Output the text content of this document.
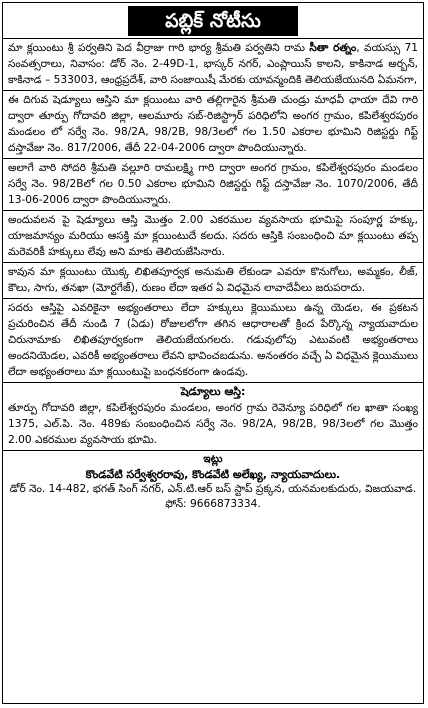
పబ్లిక్ నోటీసు
మా క్లయింటు శ్రీ పర్వతిని పెద వీర్రాజు గారి భార్య శ్రీమతి పర్వతిని రామ సీతా రత్నం, వయస్సు 71 సంవత్సరాలు, నివాసం: డోర్ నెం. 2-49D-1, భాస్కర్ నగర్, ఎంప్లాయిస్ కాలని, కాకినాడ అర్బన్, కాకినాడ – 533003, ఆంధ్రప్రదేశ్, వారి సంజాయిషీ మేరకు యావన్మందికి తెలియజేయునది ఏమనగా,
ఈ దిగువ షెడ్యూలు ఆస్తిని మా క్లయింటు వారి తల్లిగారైన శ్రీమతి చుండ్రు మాధవీ ఛాయా దేవి గారి ద్వారా తూర్పు గోదావరి జిల్లా, ఆలమూరు సబ్-రిజిస్ట్రార్ పరిధిలోని అంగర గ్రామం, కపిలేశ్వరపురం మండలం లో సర్వే నెం. 98/2A, 98/2B, 98/3లలో గల 1.50 ఎకరాల భూమిని రిజిస్టర్డు గిఫ్ట్ దస్తావేజు నెం. 817/2006, తేదీ 22-04-2006 ద్వారా పొందియున్నారు.
అలాగే వారి సోదరి శ్రీమతి వల్లూరి రామలక్ష్మి గారి ద్వారా అంగర గ్రామం, కపిలేశ్వరపురం మండలం సర్వే నెం. 98/2Bలో గల 0.50 ఎకరాల భూమిని రిజిస్టర్డు గిఫ్ట్ దస్తావేజు నెం. 1070/2006, తేదీ 13-06-2006 ద్వారా పొందియున్నారు.
అందువలన పై షెడ్యూలు ఆస్తి మొత్తం 2.00 ఎకరముల వ్యవసాయ భూమిపై సంపూర్ణ హక్కు, యాజమాన్యం మరియు ఆసక్తి మా క్లయింటుదే కలదు. సదరు ఆస్తికి సంబంధించి మా క్లయింటు తప్ప మరెవరికీ హక్కులు లేవు అని మాకు తెలియజేసినారు.
కావున మా క్లయింటు యొక్క లిఖితపూర్వక అనుమతి లేకుండా ఎవరూ కొనుగోలు, అమ్మకం, లీజ్, కౌలు, సాగు, తనఖా (మోర్టగేజ్), రుణం లేదా ఇతర ఏ విధమైన లావాదేవీలు జరుపరాదు.
సదరు ఆస్తిపై ఎవరికైనా అభ్యంతరాలు లేదా హక్కులు క్లెయిములు ఉన్న యెడల, ఈ ప్రకటన ప్రచురించిన తేదీ నుండి 7 (ఏడు) రోజులలోగా తగిన ఆధారాలతో క్రింద పేర్కొన్న న్యాయవాదుల చిరునామాకు లిఖితపూర్వకంగా తెలియజేయగలరు. గడువులోపు ఎటువంటి అభ్యంతరాలు అందనియెడల, ఎవరికీ అభ్యంతరాలు లేవని భావించబడును. అనంతరం వచ్చే ఏ విధమైన క్లెయిములు లేదా అభ్యంతరాలు మా క్లయింటుపై బంధనకరంగా ఉండవు.
షెడ్యూలు ఆస్తి:
తూర్పు గోదావరి జిల్లా, కపిలేశ్వరపురం మండలం, అంగర గ్రామ రెవెన్యూ పరిధిలో గల ఖాతా సంఖ్య 1375, ఎల్.పి. నెం. 489కు సంబంధించిన సర్వే నెం. 98/2A, 98/2B, 98/3లలో గల మొత్తం 2.00 ఎకరముల వ్యవసాయ భూమి.
ఇట్లు
కొండవేటి సర్వేశ్వరరావు, కొండవేటి అలేఖ్య, న్యాయవాదులు.
డోర్ నెం. 14-482, భగత్ సింగ్ నగర్, ఎన్.టి.ఆర్ బస్ స్టాప్ ప్రక్కన, యనమలకుదురు, విజయవాడ. ఫోన్: 9666873334.
